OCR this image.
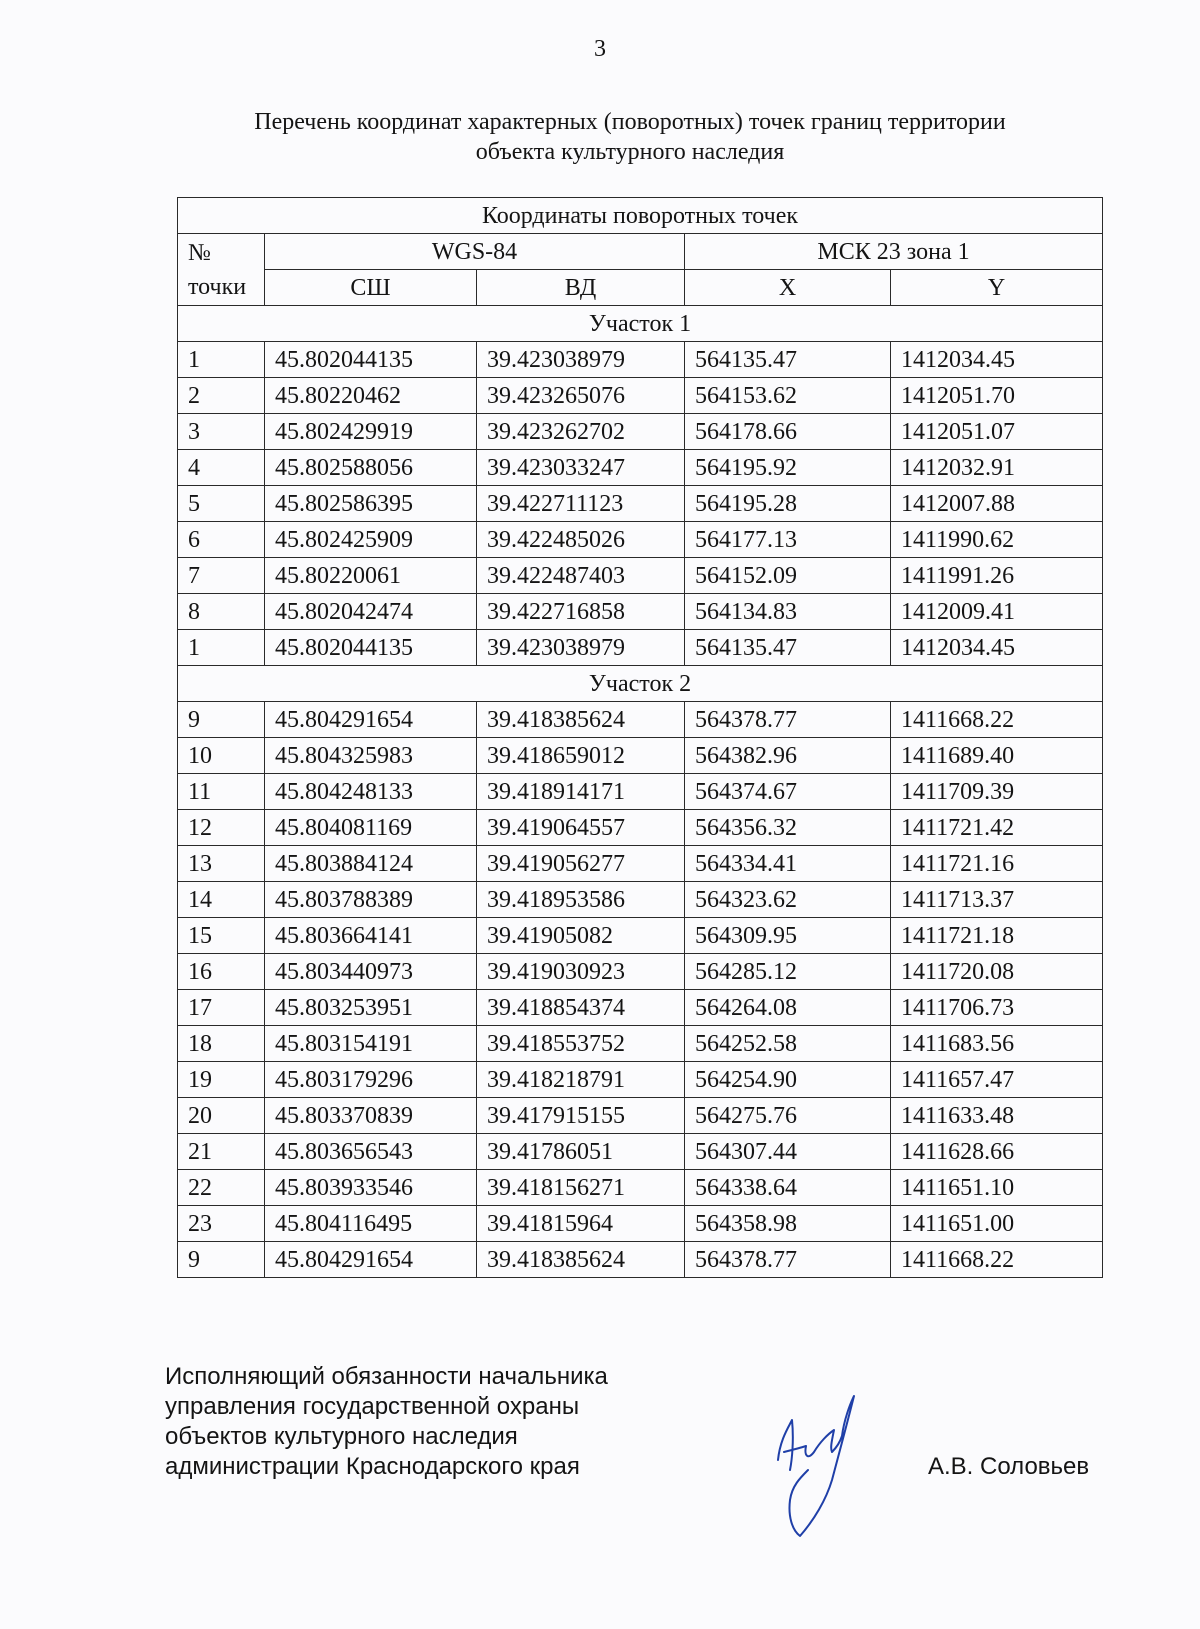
3
Перечень координат характерных (поворотных) точек границ территории
объекта культурного наследия
Координаты поворотных точек				

№
точки	WGS-84		МСК 23 зона 1	
	СШ	ВД	X	Y
Участок 1				
1	45.802044135	39.423038979	564135.47	1412034.45
2	45.80220462	39.423265076	564153.62	1412051.70
3	45.802429919	39.423262702	564178.66	1412051.07
4	45.802588056	39.423033247	564195.92	1412032.91
5	45.802586395	39.422711123	564195.28	1412007.88
6	45.802425909	39.422485026	564177.13	1411990.62
7	45.80220061	39.422487403	564152.09	1411991.26
8	45.802042474	39.422716858	564134.83	1412009.41
1	45.802044135	39.423038979	564135.47	1412034.45
Участок 2				
9	45.804291654	39.418385624	564378.77	1411668.22
10	45.804325983	39.418659012	564382.96	1411689.40
11	45.804248133	39.418914171	564374.67	1411709.39
12	45.804081169	39.419064557	564356.32	1411721.42
13	45.803884124	39.419056277	564334.41	1411721.16
14	45.803788389	39.418953586	564323.62	1411713.37
15	45.803664141	39.41905082	564309.95	1411721.18
16	45.803440973	39.419030923	564285.12	1411720.08
17	45.803253951	39.418854374	564264.08	1411706.73
18	45.803154191	39.418553752	564252.58	1411683.56
19	45.803179296	39.418218791	564254.90	1411657.47
20	45.803370839	39.417915155	564275.76	1411633.48
21	45.803656543	39.41786051	564307.44	1411628.66
22	45.803933546	39.418156271	564338.64	1411651.10
23	45.804116495	39.41815964	564358.98	1411651.00
9	45.804291654	39.418385624	564378.77	1411668.22
Исполняющий обязанности начальника
управления государственной охраны
объектов культурного наследия
администрации Краснодарского края	А.В. Соловьев
